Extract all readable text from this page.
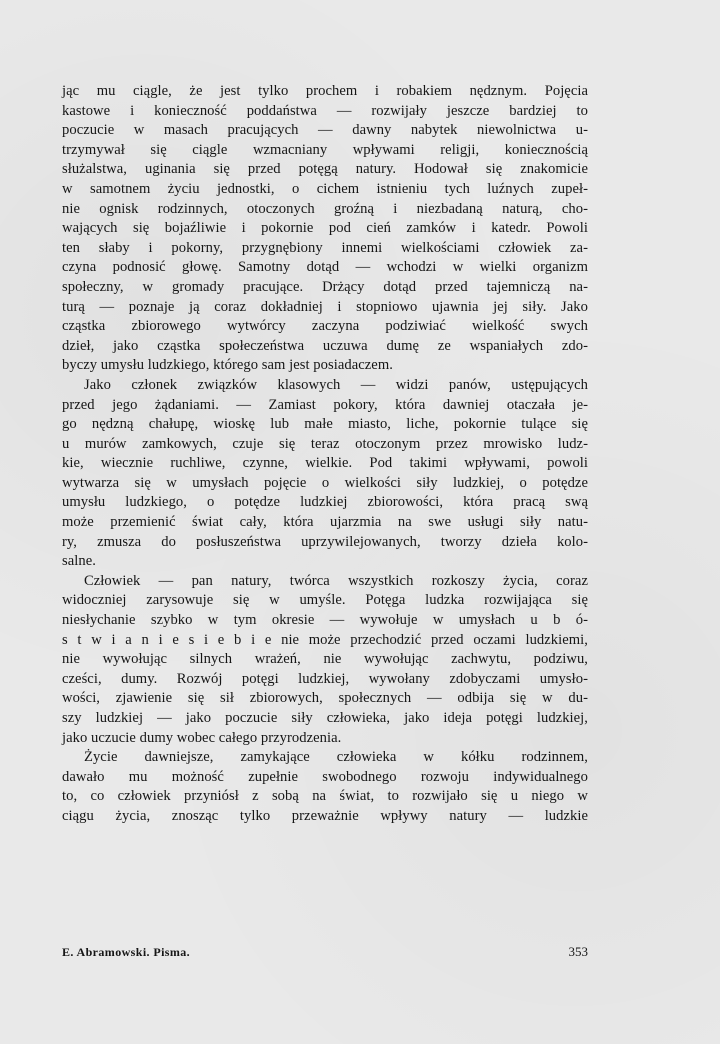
jąc mu ciągle, że jest tylko prochem i robakiem nędznym. Pojęcia
kastowe i konieczność poddaństwa — rozwijały jeszcze bardziej to
poczucie w masach pracujących — dawny nabytek niewolnictwa u-
trzymywał się ciągle wzmacniany wpływami religji, koniecznością
służalstwa, uginania się przed potęgą natury. Hodował się znakomicie
w samotnem życiu jednostki, o cichem istnieniu tych luźnych zupeł-
nie ognisk rodzinnych, otoczonych groźną i niezbadaną naturą, cho-
wających się bojaźliwie i pokornie pod cień zamków i katedr. Powoli
ten słaby i pokorny, przygnębiony innemi wielkościami człowiek za-
czyna podnosić głowę. Samotny dotąd — wchodzi w wielki organizm
społeczny, w gromady pracujące. Drżący dotąd przed tajemniczą na-
turą — poznaje ją coraz dokładniej i stopniowo ujawnia jej siły. Jako
cząstka zbiorowego wytwórcy zaczyna podziwiać wielkość swych
dzieł, jako cząstka społeczeństwa uczuwa dumę ze wspaniałych zdo-
byczy umysłu ludzkiego, którego sam jest posiadaczem.
Jako członek związków klasowych — widzi panów, ustępujących
przed jego żądaniami. — Zamiast pokory, która dawniej otaczała je-
go nędzną chałupę, wioskę lub małe miasto, liche, pokornie tulące się
u murów zamkowych, czuje się teraz otoczonym przez mrowisko ludz-
kie, wiecznie ruchliwe, czynne, wielkie. Pod takimi wpływami, powoli
wytwarza się w umysłach pojęcie o wielkości siły ludzkiej, o potędze
umysłu ludzkiego, o potędze ludzkiej zbiorowości, która pracą swą
może przemienić świat cały, która ujarzmia na swe usługi siły natu-
ry, zmusza do posłuszeństwa uprzywilejowanych, tworzy dzieła kolo-
salne.
Człowiek — pan natury, twórca wszystkich rozkoszy życia, coraz
widoczniej zarysowuje się w umyśle. Potęga ludzka rozwijająca się
niesłychanie szybko w tym okresie — wywołuje w umysłach u b ó-
s t w i a n i e s i e b i e nie może przechodzić przed oczami ludzkiemi,
nie wywołując silnych wrażeń, nie wywołując zachwytu, podziwu,
cześci, dumy. Rozwój potęgi ludzkiej, wywołany zdobyczami umysło-
wości, zjawienie się sił zbiorowych, społecznych — odbija się w du-
szy ludzkiej — jako poczucie siły człowieka, jako ideja potęgi ludzkiej,
jako uczucie dumy wobec całego przyrodzenia.
Życie dawniejsze, zamykające człowieka w kółku rodzinnem,
dawało mu możność zupełnie swobodnego rozwoju indywidualnego
to, co człowiek przyniósł z sobą na świat, to rozwijało się u niego w
ciągu życia, znosząc tylko przeważnie wpływy natury — ludzkie
E. Abramowski. Pisma.	353
